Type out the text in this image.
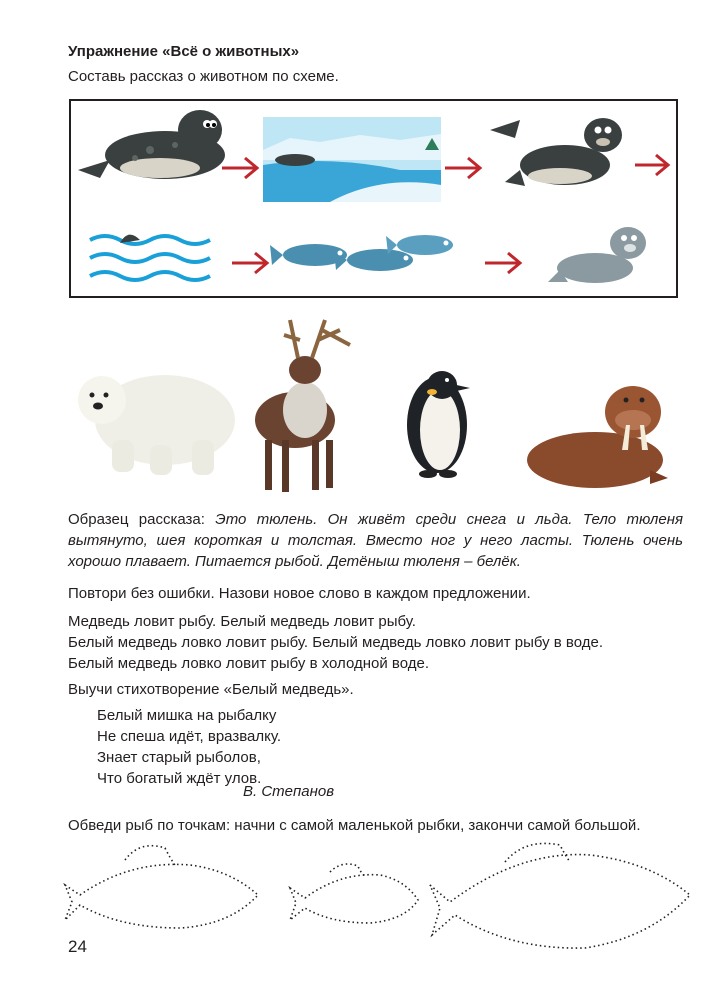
Упражнение «Всё о животных»
Составь рассказ о животном по схеме.
Образец рассказа: Это тюлень. Он живёт среди снега и льда. Тело тюленя вытянуто, шея короткая и толстая. Вместо ног у него ласты. Тюлень очень хорошо плавает. Питается рыбой. Детёныш тюленя – белёк.
Повтори без ошибки. Назови новое слово в каждом предложении.
Медведь ловит рыбу. Белый медведь ловит рыбу.
Белый медведь ловко ловит рыбу. Белый медведь ловко ловит рыбу в воде.
Белый медведь ловко ловит рыбу в холодной воде.
Выучи стихотворение «Белый медведь».
Белый мишка на рыбалку
Не спеша идёт, вразвалку.
Знает старый рыболов,
Что богатый ждёт улов.
В. Степанов
Обведи рыб по точкам: начни с самой маленькой рыбки, закончи самой большой.
24
